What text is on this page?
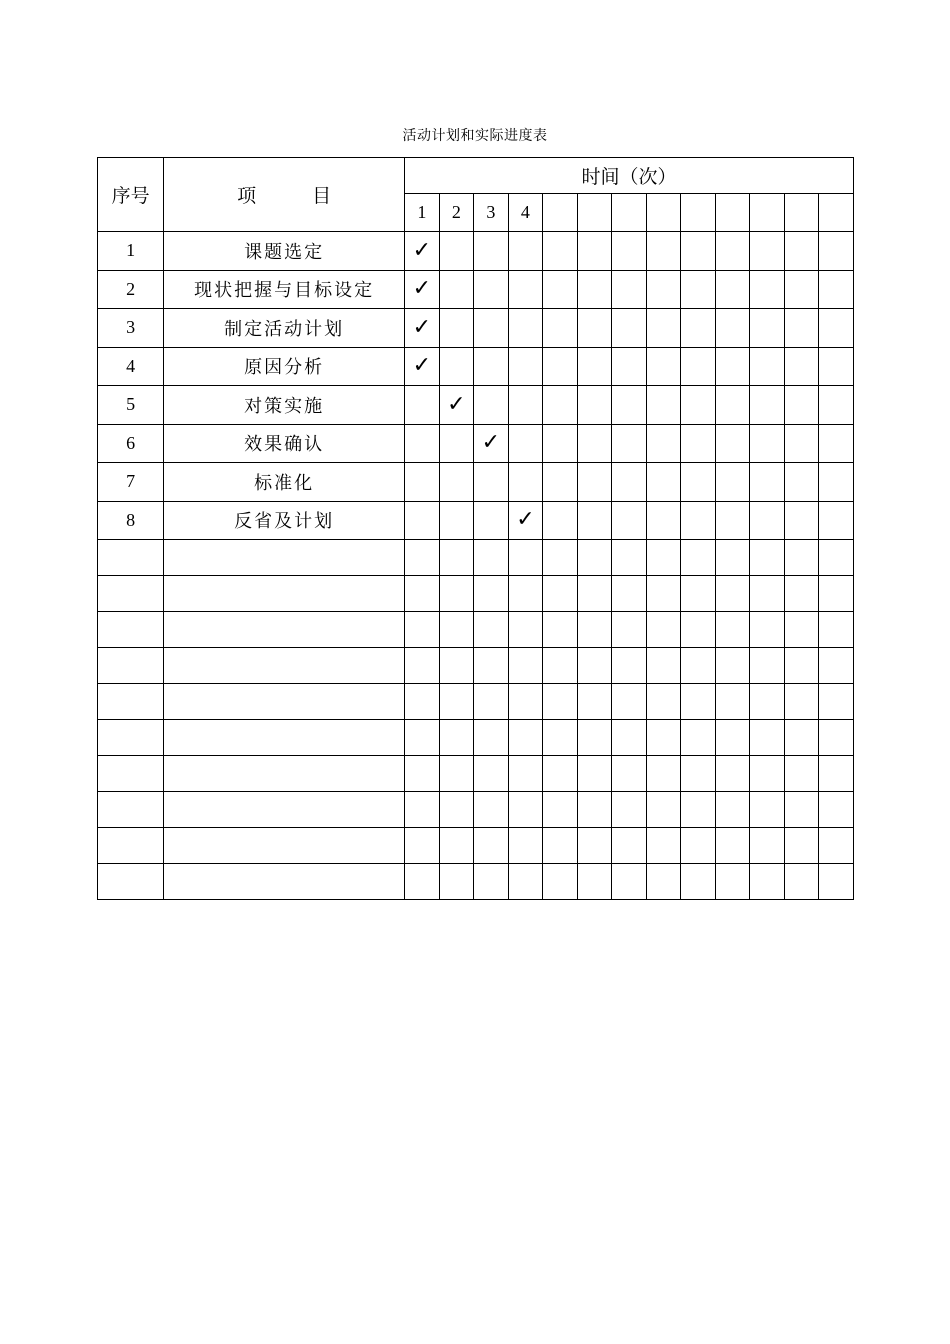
活动计划和实际进度表
序号	项 目	时间（次）												
		1	2	3	4									
1	课题选定	✓												
2	现状把握与目标设定	✓												
3	制定活动计划	✓												
4	原因分析	✓												
5	对策实施		✓											
6	效果确认			✓										
7	标准化													
8	反省及计划				✓									
